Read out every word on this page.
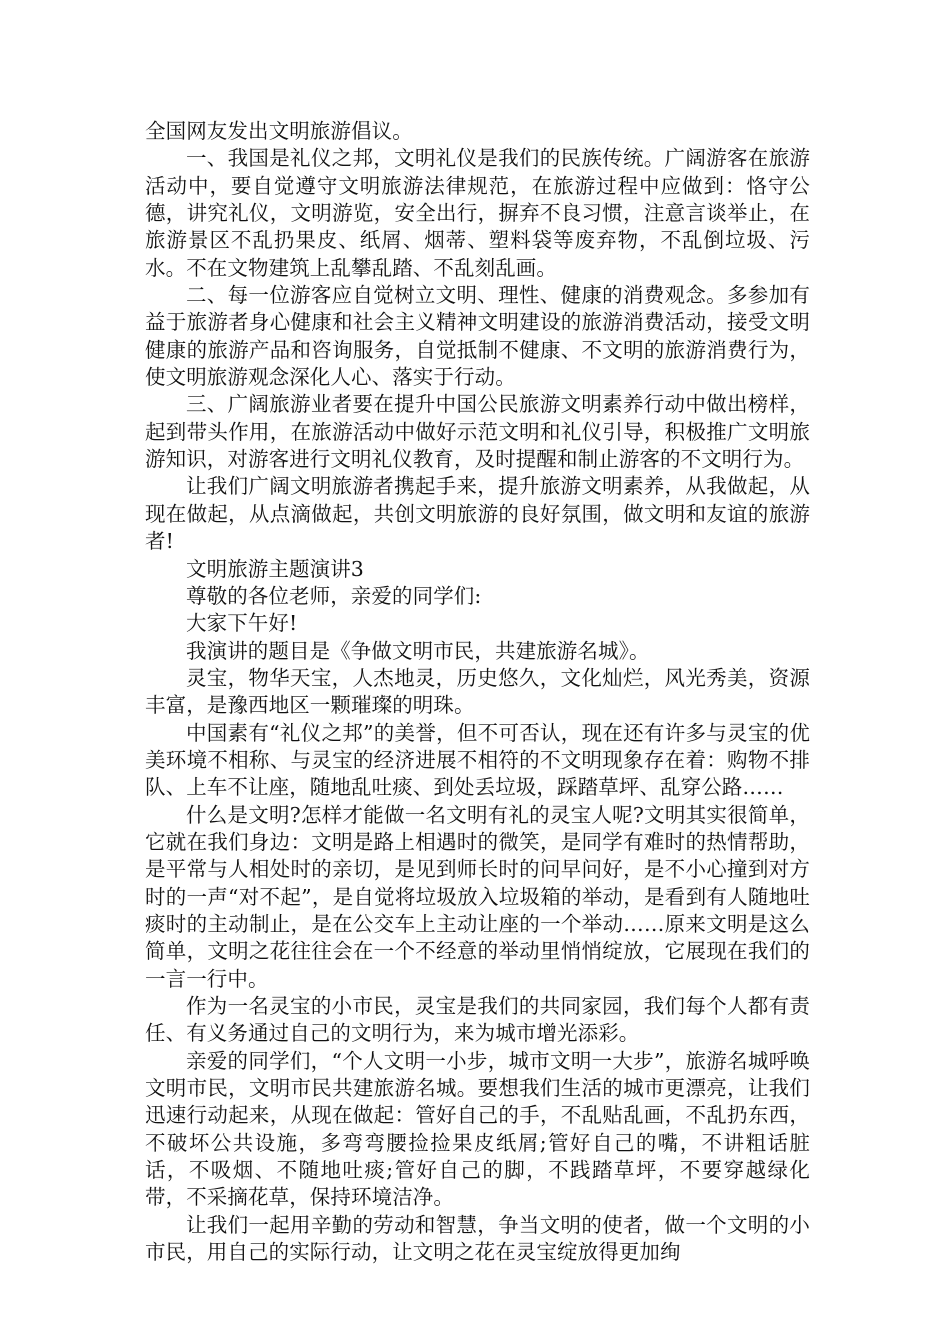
全国网友发出文明旅游倡议。

一、我国是礼仪之邦，文明礼仪是我们的民族传统。广阔游客在旅游活动中，要自觉遵守文明旅游法律规范，在旅游过程中应做到：恪守公德，讲究礼仪，文明游览，安全出行，摒弃不良习惯，注意言谈举止，在旅游景区不乱扔果皮、纸屑、烟蒂、塑料袋等废弃物，不乱倒垃圾、污水。不在文物建筑上乱攀乱踏、不乱刻乱画。

二、每一位游客应自觉树立文明、理性、健康的消费观念。多参加有益于旅游者身心健康和社会主义精神文明建设的旅游消费活动，接受文明健康的旅游产品和咨询服务，自觉抵制不健康、不文明的旅游消费行为，使文明旅游观念深化人心、落实于行动。

三、广阔旅游业者要在提升中国公民旅游文明素养行动中做出榜样，起到带头作用，在旅游活动中做好示范文明和礼仪引导，积极推广文明旅游知识，对游客进行文明礼仪教育，及时提醒和制止游客的不文明行为。

让我们广阔文明旅游者携起手来，提升旅游文明素养，从我做起，从现在做起，从点滴做起，共创文明旅游的良好氛围，做文明和友谊的旅游者!

文明旅游主题演讲3

尊敬的各位老师，亲爱的同学们:

大家下午好!

我演讲的题目是《争做文明市民，共建旅游名城》。

灵宝，物华天宝，人杰地灵，历史悠久，文化灿烂，风光秀美，资源丰富，是豫西地区一颗璀璨的明珠。

中国素有“礼仪之邦”的美誉，但不可否认，现在还有许多与灵宝的优美环境不相称、与灵宝的经济进展不相符的不文明现象存在着：购物不排队、上车不让座，随地乱吐痰、到处丢垃圾，踩踏草坪、乱穿公路……

什么是文明?怎样才能做一名文明有礼的灵宝人呢?文明其实很简单，它就在我们身边：文明是路上相遇时的微笑，是同学有难时的热情帮助，是平常与人相处时的亲切，是见到师长时的问早问好，是不小心撞到对方时的一声“对不起”，是自觉将垃圾放入垃圾箱的举动，是看到有人随地吐痰时的主动制止，是在公交车上主动让座的一个举动……原来文明是这么简单，文明之花往往会在一个不经意的举动里悄悄绽放，它展现在我们的一言一行中。

作为一名灵宝的小市民，灵宝是我们的共同家园，我们每个人都有责任、有义务通过自己的文明行为，来为城市增光添彩。

亲爱的同学们，“个人文明一小步，城市文明一大步”，旅游名城呼唤文明市民，文明市民共建旅游名城。要想我们生活的城市更漂亮，让我们迅速行动起来，从现在做起：管好自己的手，不乱贴乱画，不乱扔东西，不破坏公共设施，多弯弯腰捡捡果皮纸屑;管好自己的嘴，不讲粗话脏话，不吸烟、不随地吐痰;管好自己的脚，不践踏草坪，不要穿越绿化带，不采摘花草，保持环境洁净。

让我们一起用辛勤的劳动和智慧，争当文明的使者，做一个文明的小市民，用自己的实际行动，让文明之花在灵宝绽放得更加绚
